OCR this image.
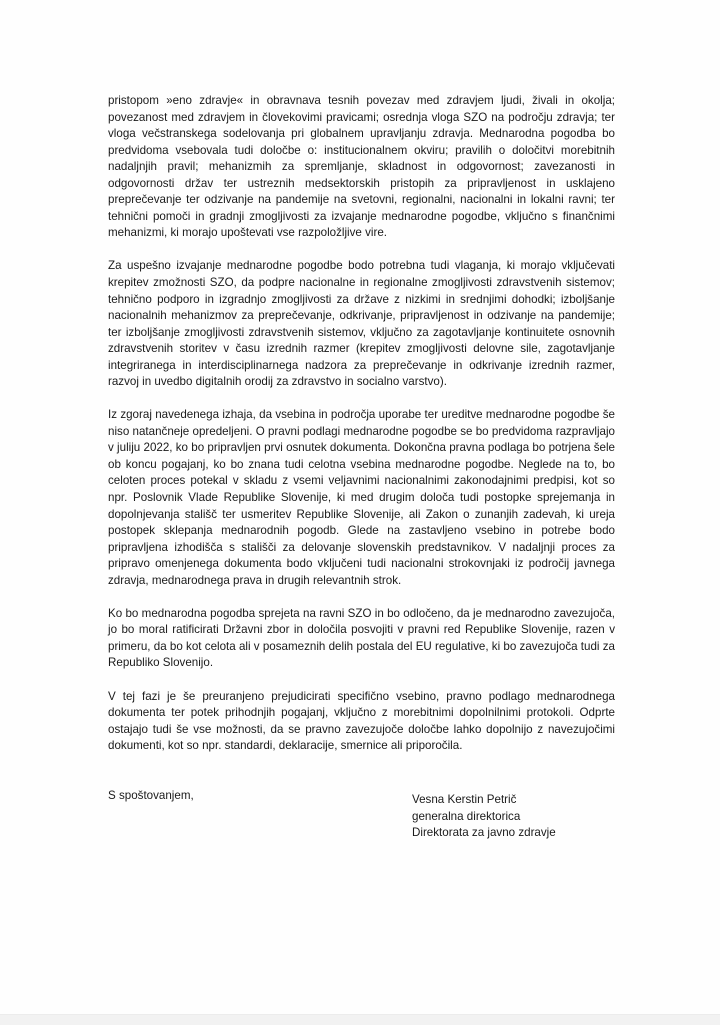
pristopom »eno zdravje« in obravnava tesnih povezav med zdravjem ljudi, živali in okolja; povezanost med zdravjem in človekovimi pravicami; osrednja vloga SZO na področju zdravja; ter vloga večstranskega sodelovanja pri globalnem upravljanju zdravja. Mednarodna pogodba bo predvidoma vsebovala tudi določbe o: institucionalnem okviru; pravilih o določitvi morebitnih nadaljnjih pravil; mehanizmih za spremljanje, skladnost in odgovornost; zavezanosti in odgovornosti držav ter ustreznih medsektorskih pristopih za pripravljenost in usklajeno preprečevanje ter odzivanje na pandemije na svetovni, regionalni, nacionalni in lokalni ravni; ter tehnični pomoči in gradnji zmogljivosti za izvajanje mednarodne pogodbe, vključno s finančnimi mehanizmi, ki morajo upoštevati vse razpoložljive vire.

Za uspešno izvajanje mednarodne pogodbe bodo potrebna tudi vlaganja, ki morajo vključevati krepitev zmožnosti SZO, da podpre nacionalne in regionalne zmogljivosti zdravstvenih sistemov; tehnično podporo in izgradnjo zmogljivosti za države z nizkimi in srednjimi dohodki; izboljšanje nacionalnih mehanizmov za preprečevanje, odkrivanje, pripravljenost in odzivanje na pandemije; ter izboljšanje zmogljivosti zdravstvenih sistemov, vključno za zagotavljanje kontinuitete osnovnih zdravstvenih storitev v času izrednih razmer (krepitev zmogljivosti delovne sile, zagotavljanje integriranega in interdisciplinarnega nadzora za preprečevanje in odkrivanje izrednih razmer, razvoj in uvedbo digitalnih orodij za zdravstvo in socialno varstvo).

Iz zgoraj navedenega izhaja, da vsebina in področja uporabe ter ureditve mednarodne pogodbe še niso natančneje opredeljeni. O pravni podlagi mednarodne pogodbe se bo predvidoma razpravljajo v juliju 2022, ko bo pripravljen prvi osnutek dokumenta. Dokončna pravna podlaga bo potrjena šele ob koncu pogajanj, ko bo znana tudi celotna vsebina mednarodne pogodbe. Neglede na to, bo celoten proces potekal v skladu z vsemi veljavnimi nacionalnimi zakonodajnimi predpisi, kot so npr. Poslovnik Vlade Republike Slovenije, ki med drugim določa tudi postopke sprejemanja in dopolnjevanja stališč ter usmeritev Republike Slovenije, ali Zakon o zunanjih zadevah, ki ureja postopek sklepanja mednarodnih pogodb. Glede na zastavljeno vsebino in potrebe bodo pripravljena izhodišča s stališči za delovanje slovenskih predstavnikov. V nadaljnji proces za pripravo omenjenega dokumenta bodo vključeni tudi nacionalni strokovnjaki iz področij javnega zdravja, mednarodnega prava in drugih relevantnih strok.

Ko bo mednarodna pogodba sprejeta na ravni SZO in bo odločeno, da je mednarodno zavezujoča, jo bo moral ratificirati Državni zbor in določila posvojiti v pravni red Republike Slovenije, razen v primeru, da bo kot celota ali v posameznih delih postala del EU regulative, ki bo zavezujoča tudi za Republiko Slovenijo.

V tej fazi je še preuranjeno prejudicirati specifično vsebino, pravno podlago mednarodnega dokumenta ter potek prihodnjih pogajanj, vključno z morebitnimi dopolnilnimi protokoli. Odprte ostajajo tudi še vse možnosti, da se pravno zavezujoče določbe lahko dopolnijo z navezujočimi dokumenti, kot so npr. standardi, deklaracije, smernice ali priporočila.

S spoštovanjem,	Vesna Kerstin Petrič
generalna direktorica
Direktorata za javno zdravje
